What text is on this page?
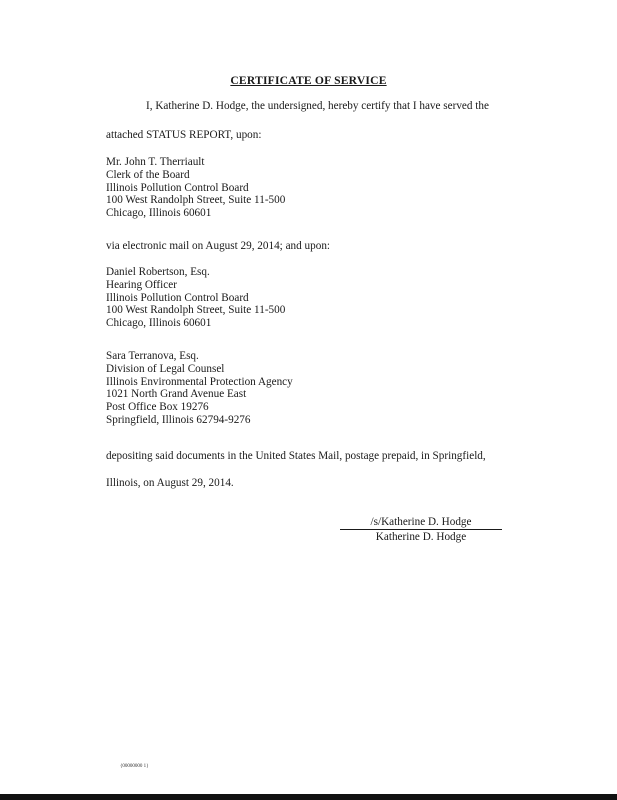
CERTIFICATE OF SERVICE
I, Katherine D. Hodge, the undersigned, hereby certify that I have served the
attached STATUS REPORT, upon:
Mr. John T. Therriault
Clerk of the Board
Illinois Pollution Control Board
100 West Randolph Street, Suite 11-500
Chicago, Illinois 60601
via electronic mail on August 29, 2014; and upon:
Daniel Robertson, Esq.
Hearing Officer
Illinois Pollution Control Board
100 West Randolph Street, Suite 11-500
Chicago, Illinois 60601
Sara Terranova, Esq.
Division of Legal Counsel
Illinois Environmental Protection Agency
1021 North Grand Avenue East
Post Office Box 19276
Springfield, Illinois 62794-9276
depositing said documents in the United States Mail, postage prepaid, in Springfield,
Illinois, on August 29, 2014.
/s/Katherine D. Hodge
Katherine D. Hodge
{00000000 1}
